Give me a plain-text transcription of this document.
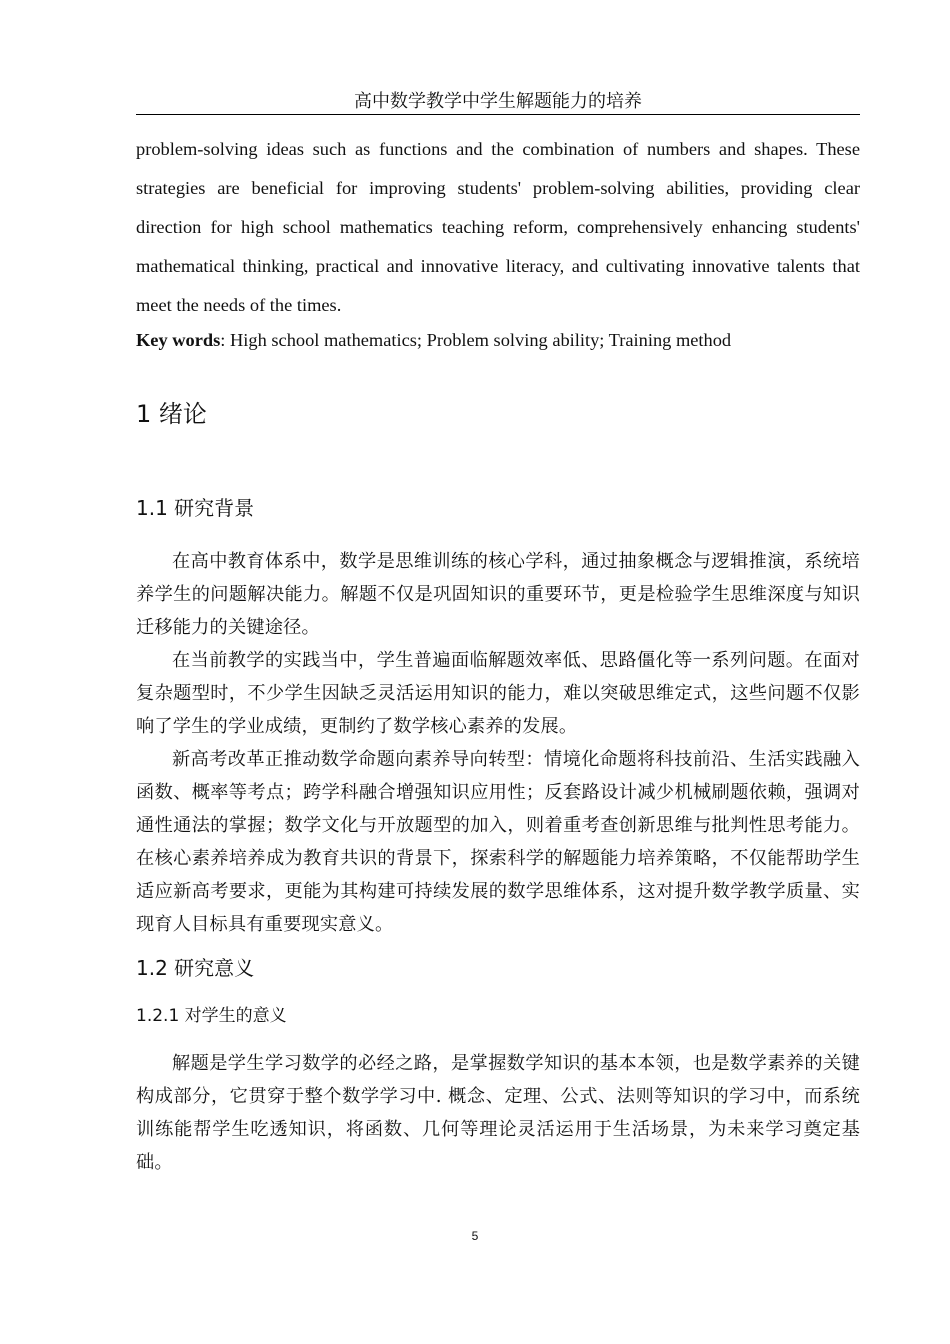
高中数学教学中学生解题能力的培养

problem-solving ideas such as functions and the combination of numbers and shapes. These strategies are beneficial for improving students' problem-solving abilities, providing clear direction for high school mathematics teaching reform, comprehensively enhancing students' mathematical thinking, practical and innovative literacy, and cultivating innovative talents that meet the needs of the times.

Key words: High school mathematics; Problem solving ability; Training method

1 绪论
1.1 研究背景

在高中教育体系中，数学是思维训练的核心学科，通过抽象概念与逻辑推演，系统培养学生的问题解决能力。解题不仅是巩固知识的重要环节，更是检验学生思维深度与知识迁移能力的关键途径。

在当前教学的实践当中，学生普遍面临解题效率低、思路僵化等一系列问题。在面对复杂题型时，不少学生因缺乏灵活运用知识的能力，难以突破思维定式，这些问题不仅影响了学生的学业成绩，更制约了数学核心素养的发展。

新高考改革正推动数学命题向素养导向转型：情境化命题将科技前沿、生活实践融入函数、概率等考点；跨学科融合增强知识应用性；反套路设计减少机械刷题依赖，强调对通性通法的掌握；数学文化与开放题型的加入，则着重考查创新思维与批判性思考能力。在核心素养培养成为教育共识的背景下，探索科学的解题能力培养策略，不仅能帮助学生适应新高考要求，更能为其构建可持续发展的数学思维体系，这对提升数学教学质量、实现育人目标具有重要现实意义。

1.2 研究意义
1.2.1 对学生的意义

解题是学生学习数学的必经之路，是掌握数学知识的基本本领，也是数学素养的关键构成部分，它贯穿于整个数学学习中. 概念、定理、公式、法则等知识的学习中，而系统训练能帮学生吃透知识，将函数、几何等理论灵活运用于生活场景，为未来学习奠定基础。

5
